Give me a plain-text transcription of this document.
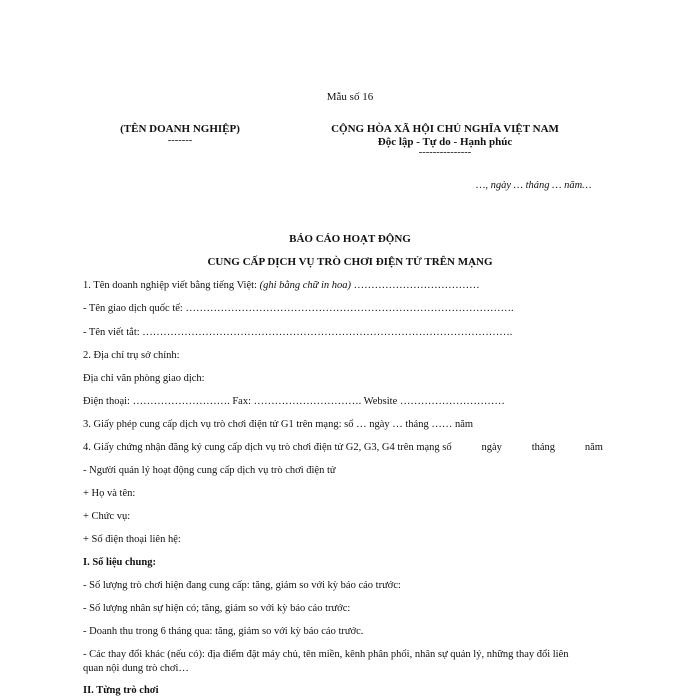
Mẫu số 16
(TÊN DOANH NGHIỆP)
-------
CỘNG HÒA XÃ HỘI CHỦ NGHĨA VIỆT NAM
Độc lập - Tự do - Hạnh phúc
---------------
…, ngày … tháng … năm…
BÁO CÁO HOẠT ĐỘNG
CUNG CẤP DỊCH VỤ TRÒ CHƠI ĐIỆN TỬ TRÊN MẠNG
1. Tên doanh nghiệp viết bằng tiếng Việt: (ghi bằng chữ in hoa) ………………………………
- Tên giao dịch quốc tế: ………………………………………………………………………………….
- Tên viết tắt: …………………………………………………………………………………………….
2. Địa chỉ trụ sở chính:
Địa chỉ văn phòng giao dịch:
Điện thoại: ………………………. Fax: …………………………. Website …………………………
3. Giấy phép cung cấp dịch vụ trò chơi điện tử G1 trên mạng: số … ngày … tháng …… năm
4. Giấy chứng nhận đăng ký cung cấp dịch vụ trò chơi điện tử G2, G3, G4 trên mạng số	ngày	tháng	năm
- Người quản lý hoạt động cung cấp dịch vụ trò chơi điện tử
+ Họ và tên:
+ Chức vụ:
+ Số điện thoại liên hệ:
I. Số liệu chung:
- Số lượng trò chơi hiện đang cung cấp: tăng, giảm so với kỳ báo cáo trước:
- Số lượng nhân sự hiện có; tăng, giảm so với kỳ báo cáo trước:
- Doanh thu trong 6 tháng qua: tăng, giảm so với kỳ báo cáo trước.
- Các thay đổi khác (nếu có): địa điểm đặt máy chủ, tên miền, kênh phân phối, nhân sự quản lý, những thay đổi liên
quan nội dung trò chơi…
II. Từng trò chơi
